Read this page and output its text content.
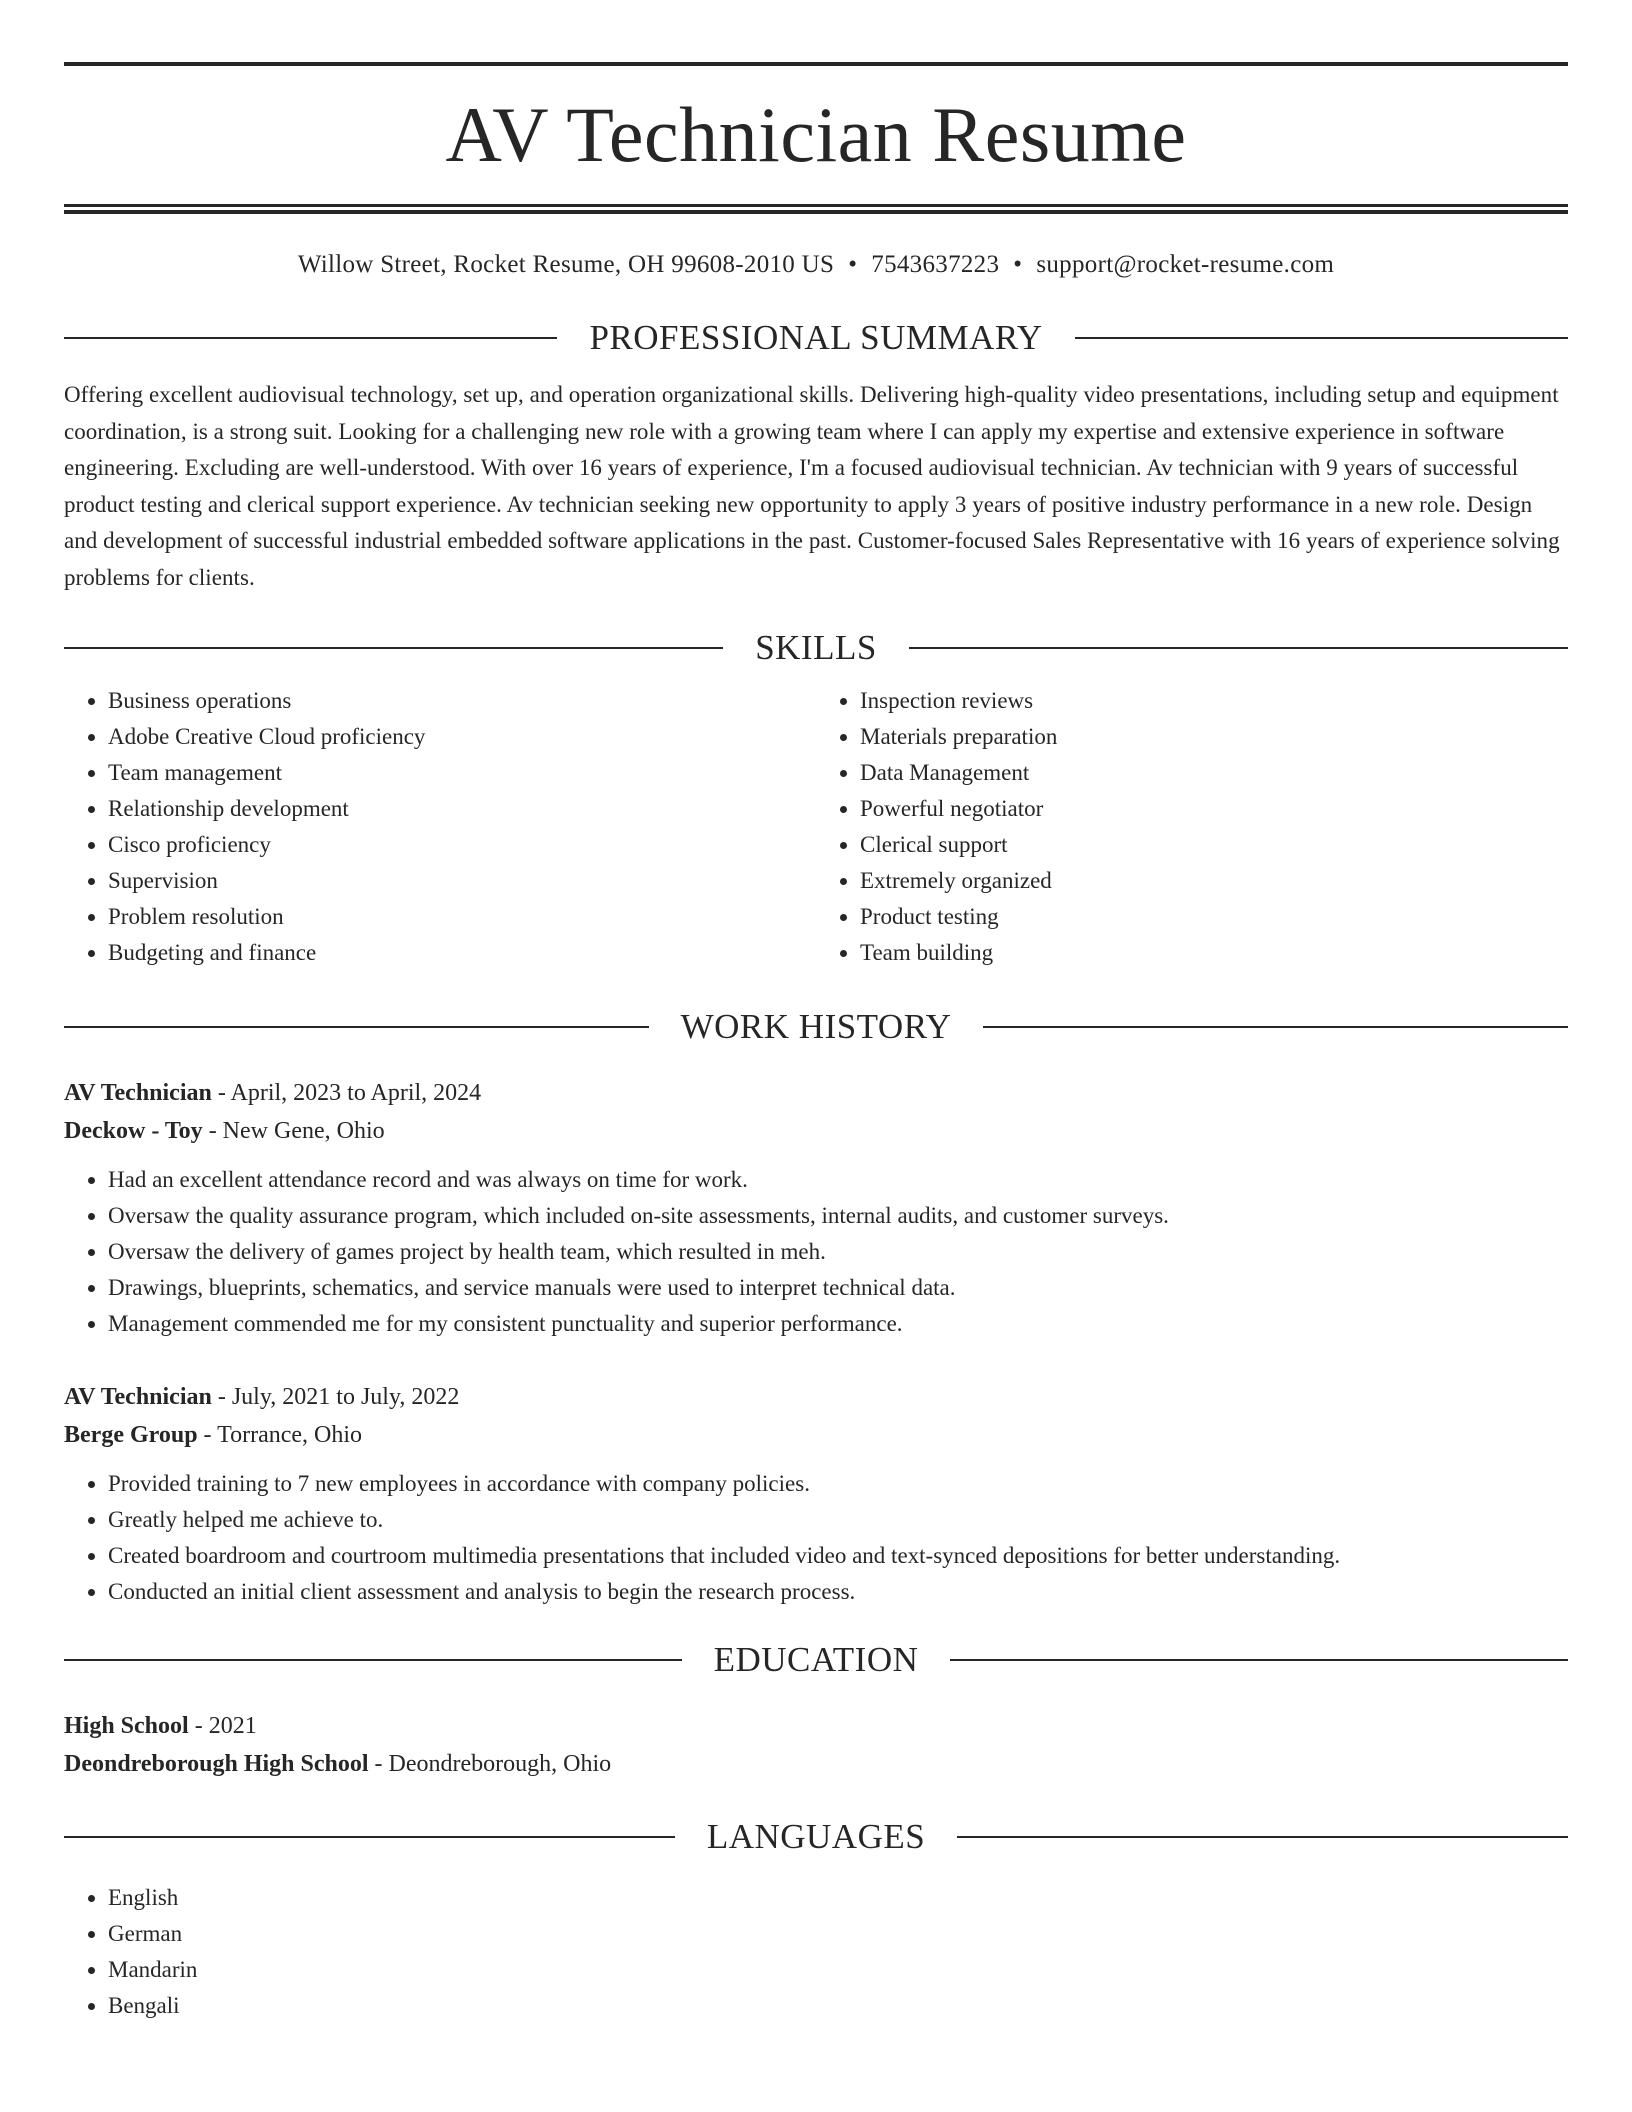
AV Technician Resume
Willow Street, Rocket Resume, OH 99608-2010 US • 7543637223 • support@rocket-resume.com
PROFESSIONAL SUMMARY
Offering excellent audiovisual technology, set up, and operation organizational skills. Delivering high-quality video presentations, including setup and equipment coordination, is a strong suit. Looking for a challenging new role with a growing team where I can apply my expertise and extensive experience in software engineering. Excluding are well-understood. With over 16 years of experience, I'm a focused audiovisual technician. Av technician with 9 years of successful product testing and clerical support experience. Av technician seeking new opportunity to apply 3 years of positive industry performance in a new role. Design and development of successful industrial embedded software applications in the past. Customer-focused Sales Representative with 16 years of experience solving problems for clients.
SKILLS
• Business operations
• Adobe Creative Cloud proficiency
• Team management
• Relationship development
• Cisco proficiency
• Supervision
• Problem resolution
• Budgeting and finance
• Inspection reviews
• Materials preparation
• Data Management
• Powerful negotiator
• Clerical support
• Extremely organized
• Product testing
• Team building
WORK HISTORY
AV Technician - April, 2023 to April, 2024
Deckow - Toy - New Gene, Ohio
• Had an excellent attendance record and was always on time for work.
• Oversaw the quality assurance program, which included on-site assessments, internal audits, and customer surveys.
• Oversaw the delivery of games project by health team, which resulted in meh.
• Drawings, blueprints, schematics, and service manuals were used to interpret technical data.
• Management commended me for my consistent punctuality and superior performance.
AV Technician - July, 2021 to July, 2022
Berge Group - Torrance, Ohio
• Provided training to 7 new employees in accordance with company policies.
• Greatly helped me achieve to.
• Created boardroom and courtroom multimedia presentations that included video and text-synced depositions for better understanding.
• Conducted an initial client assessment and analysis to begin the research process.
EDUCATION
High School - 2021
Deondreborough High School - Deondreborough, Ohio
LANGUAGES
• English
• German
• Mandarin
• Bengali
